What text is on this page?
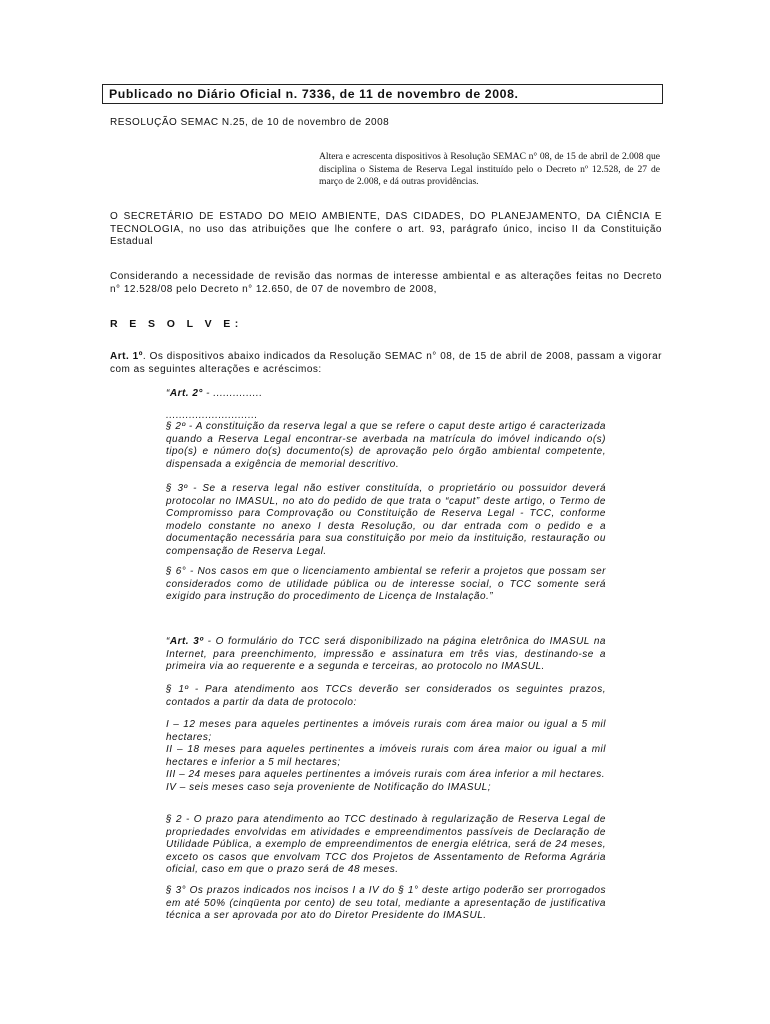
Publicado no Diário Oficial n. 7336, de 11 de novembro de 2008.

RESOLUÇÃO SEMAC N.25, de 10 de novembro de 2008

Altera e acrescenta dispositivos à Resolução SEMAC n° 08, de 15 de abril de 2.008 que disciplina o Sistema de Reserva Legal instituído pelo o Decreto nº 12.528, de 27 de março de 2.008, e dá outras providências.

O SECRETÁRIO DE ESTADO DO MEIO AMBIENTE, DAS CIDADES, DO PLANEJAMENTO, DA CIÊNCIA E TECNOLOGIA, no uso das atribuições que lhe confere o art. 93, parágrafo único, inciso II da Constituição Estadual

Considerando a necessidade de revisão das normas de interesse ambiental e as alterações feitas no Decreto n° 12.528/08 pelo Decreto n° 12.650, de 07 de novembro de 2008,

R E S O L V E:

Art. 1º. Os dispositivos abaixo indicados da Resolução SEMAC n° 08, de 15 de abril de 2008, passam a vigorar com as seguintes alterações e acréscimos:

“Art. 2° - ...............

............................

§ 2º - A constituição da reserva legal a que se refere o caput deste artigo é caracterizada quando a Reserva Legal encontrar-se averbada na matrícula do imóvel indicando o(s) tipo(s) e número do(s) documento(s) de aprovação pelo órgão ambiental competente, dispensada a exigência de memorial descritivo.

§ 3º - Se a reserva legal não estiver constituída, o proprietário ou possuidor deverá protocolar no IMASUL, no ato do pedido de que trata o “caput” deste artigo, o Termo de Compromisso para Comprovação ou Constituição de Reserva Legal - TCC, conforme modelo constante no anexo I desta Resolução, ou dar entrada com o pedido e a documentação necessária para sua constituição por meio da instituição, restauração ou compensação de Reserva Legal.

§ 6° - Nos casos em que o licenciamento ambiental se referir a projetos que possam ser considerados como de utilidade pública ou de interesse social, o TCC somente será exigido para instrução do procedimento de Licença de Instalação.”

“Art. 3º - O formulário do TCC será disponibilizado na página eletrônica do IMASUL na Internet, para preenchimento, impressão e assinatura em três vias, destinando-se a primeira via ao requerente e a segunda e terceiras, ao protocolo no IMASUL.

§ 1º - Para atendimento aos TCCs deverão ser considerados os seguintes prazos, contados a partir da data de protocolo:

I – 12 meses para aqueles pertinentes a imóveis rurais com área maior ou igual a 5 mil hectares;

II – 18 meses para aqueles pertinentes a imóveis rurais com área maior ou igual a mil hectares e inferior a 5 mil hectares;

III – 24 meses para aqueles pertinentes a imóveis rurais com área inferior a mil hectares.

IV – seis meses caso seja proveniente de Notificação do IMASUL;

§ 2 - O prazo para atendimento ao TCC destinado à regularização de Reserva Legal de propriedades envolvidas em atividades e empreendimentos passíveis de Declaração de Utilidade Pública, a exemplo de empreendimentos de energia elétrica, será de 24 meses, exceto os casos que envolvam TCC dos Projetos de Assentamento de Reforma Agrária oficial, caso em que o prazo será de 48 meses.

§ 3° Os prazos indicados nos incisos I a IV do § 1° deste artigo poderão ser prorrogados em até 50% (cinqüenta por cento) de seu total, mediante a apresentação de justificativa técnica a ser aprovada por ato do Diretor Presidente do IMASUL.
